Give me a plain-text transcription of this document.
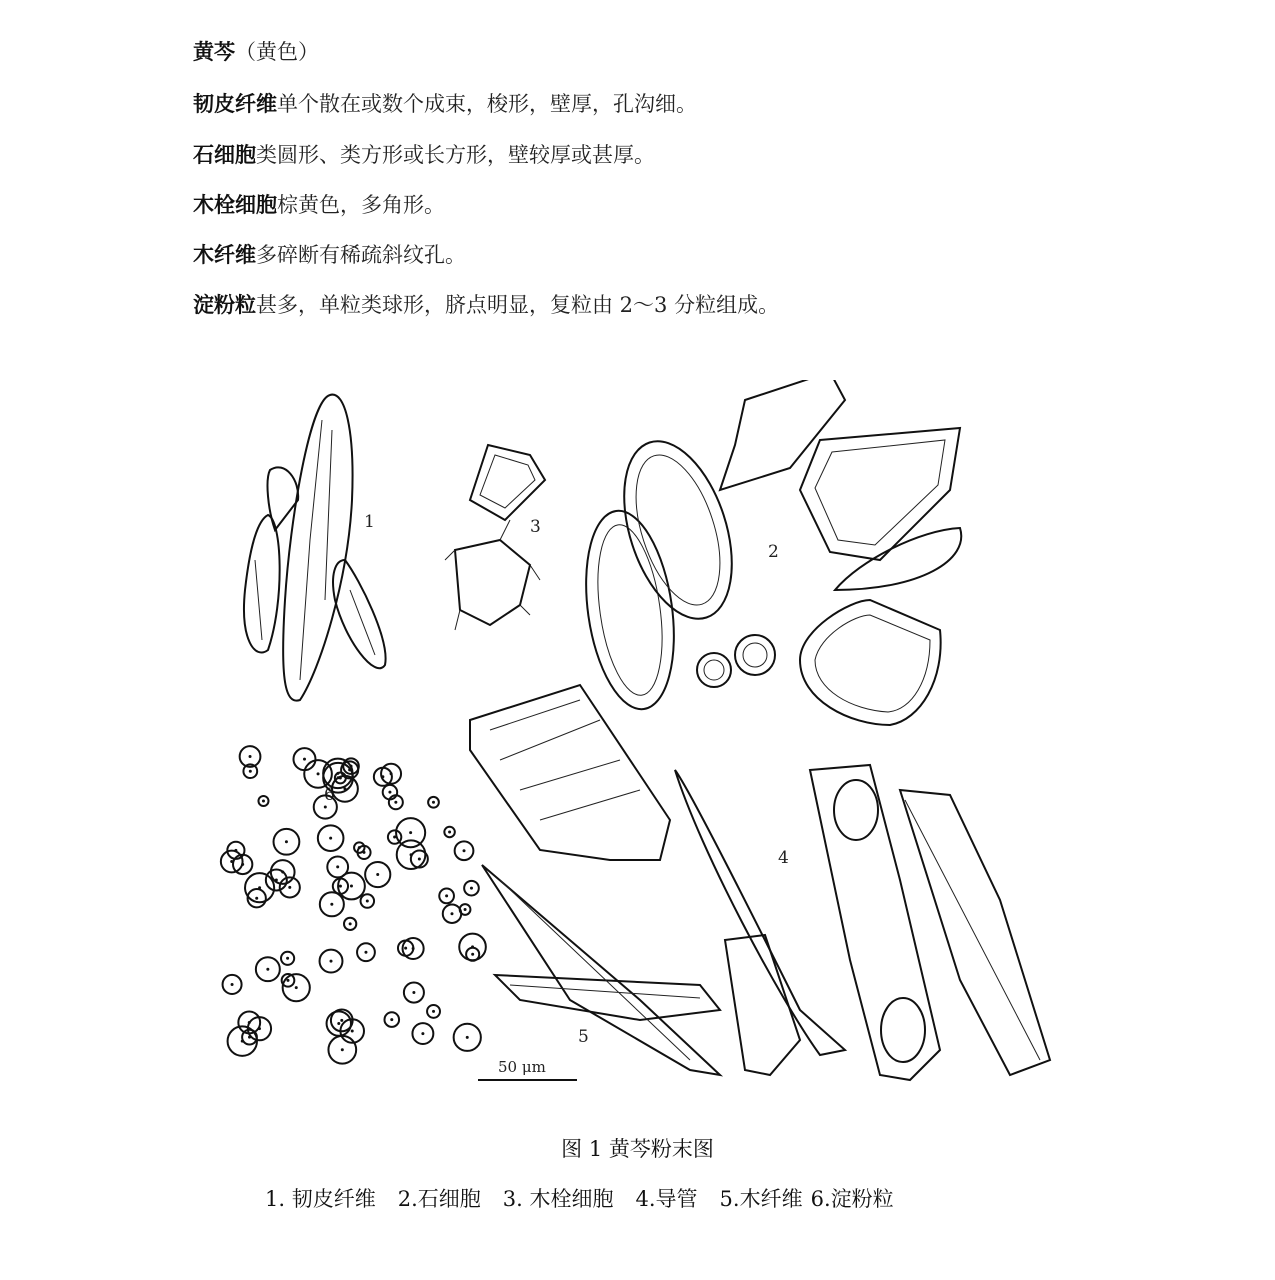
黄芩（黄色）
韧皮纤维单个散在或数个成束，梭形，壁厚，孔沟细。
石细胞类圆形、类方形或长方形，壁较厚或甚厚。
木栓细胞棕黄色，多角形。
木纤维多碎断有稀疏斜纹孔。
淀粉粒甚多，单粒类球形，脐点明显，复粒由 2～3 分粒组成。
1	3
2
4
5
6
50 μm
图 1 黄芩粉末图
1. 韧皮纤维 2.石细胞 3. 木栓细胞 4.导管 5.木纤维 6.淀粉粒
